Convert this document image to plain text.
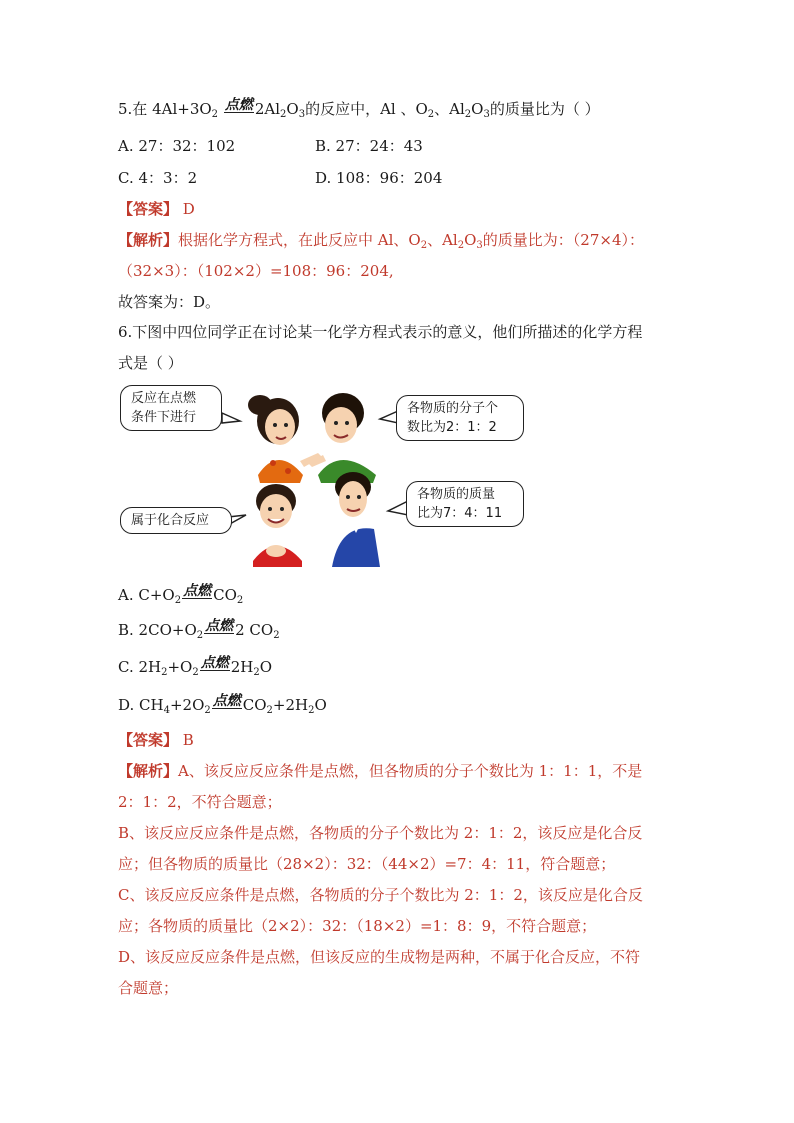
5.在 $4Al+3O_2$ 点燃 $2Al_2O_3$的反应中，Al 、$O_2$、$Al_2O_3$的质量比为（ ）
A. 27：32：102	B. 27：24：43
C. 4：3：2	D. 108：96：204
【答案】 D
【解析】根据化学方程式，在此反应中 Al、$O_2$、$Al_2O_3$的质量比为：（27×4）：
（32×3）：（102×2）=108：96：204,
故答案为：D。
6.下图中四位同学正在讨论某一化学方程式表示的意义，他们所描述的化学方程
式是（ ）
反应在点燃
条件下进行
各物质的分子个
数比为2：1：2
属于化合反应
各物质的质量
比为7：4：11
A. $C+O_2$点燃 $CO_2$
B. $2CO+O_2$点燃 2 $CO_2$
C. $2H_2+O_2$点燃 $2H_2O$
D. $CH_4+2O_2$点燃 $CO_2+2H_2O$
【答案】 B
【解析】A、该反应反应条件是点燃，但各物质的分子个数比为 1：1：1，不是
2：1：2，不符合题意；
B、该反应反应条件是点燃，各物质的分子个数比为 2：1：2，该反应是化合反
应；但各物质的质量比（28×2）：32：（44×2）=7：4：11，符合题意；
C、该反应反应条件是点燃，各物质的分子个数比为 2：1：2，该反应是化合反
应；各物质的质量比（2×2）：32：（18×2）=1：8：9，不符合题意；
D、该反应反应条件是点燃，但该反应的生成物是两种，不属于化合反应，不符
合题意；
